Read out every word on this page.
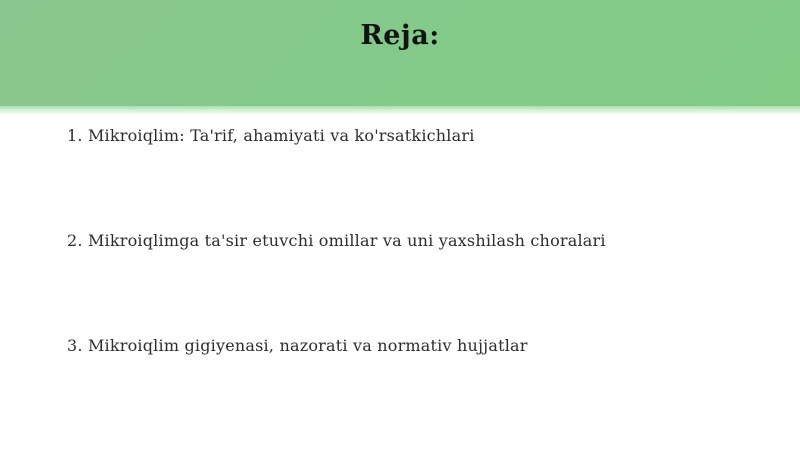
Reja:
1. Mikroiqlim: Ta'rif, ahamiyati va ko'rsatkichlari
2. Mikroiqlimga ta'sir etuvchi omillar va uni yaxshilash choralari
3. Mikroiqlim gigiyenasi, nazorati va normativ hujjatlar
